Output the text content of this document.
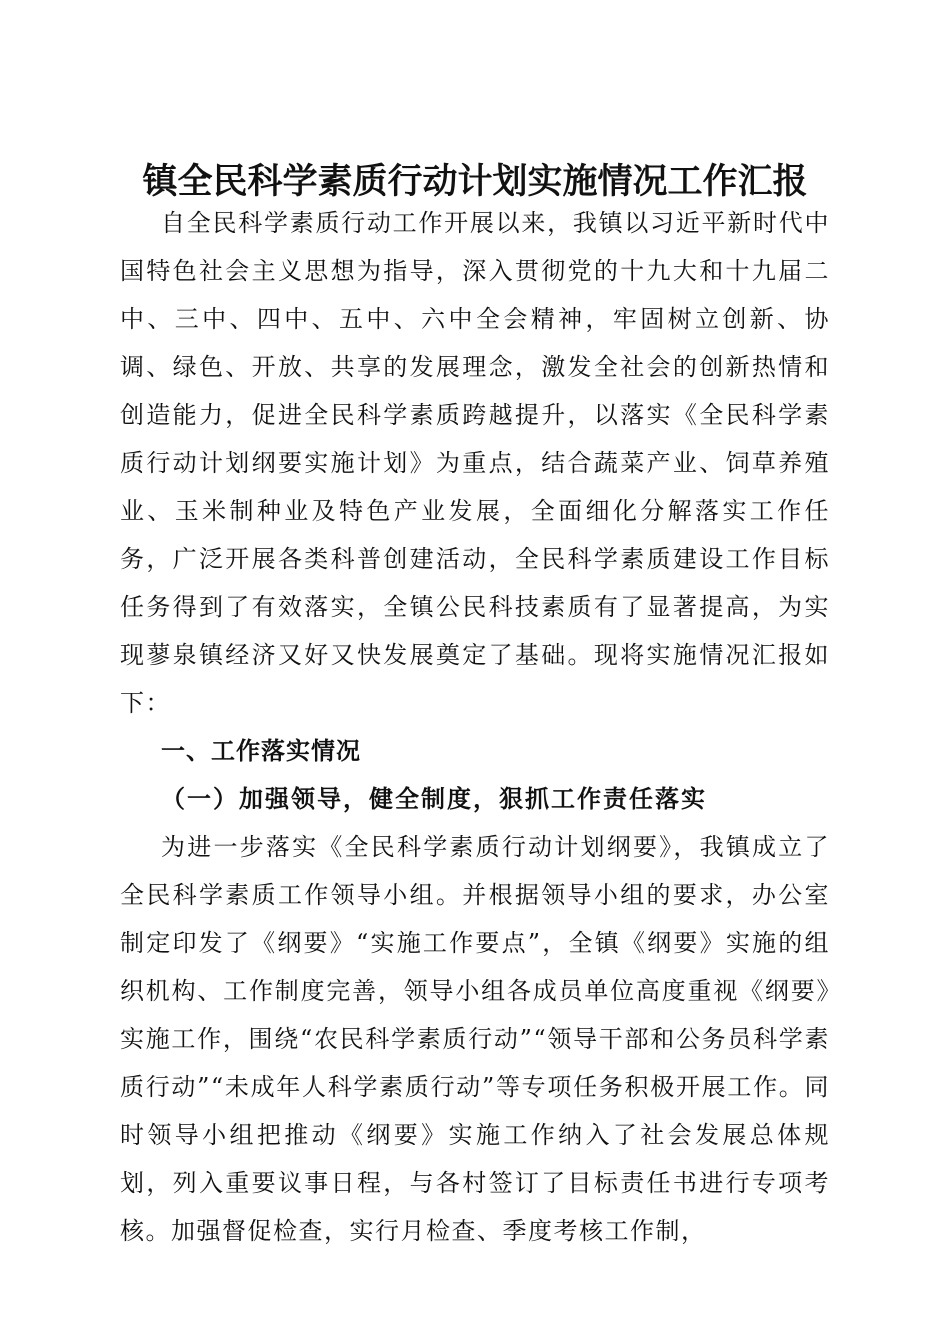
镇全民科学素质行动计划实施情况工作汇报

自全民科学素质行动工作开展以来，我镇以习近平新时代中国特色社会主义思想为指导，深入贯彻党的十九大和十九届二中、三中、四中、五中、六中全会精神，牢固树立创新、协调、绿色、开放、共享的发展理念，激发全社会的创新热情和创造能力，促进全民科学素质跨越提升，以落实《全民科学素质行动计划纲要实施计划》为重点，结合蔬菜产业、饲草养殖业、玉米制种业及特色产业发展，全面细化分解落实工作任务，广泛开展各类科普创建活动，全民科学素质建设工作目标任务得到了有效落实，全镇公民科技素质有了显著提高，为实现蓼泉镇经济又好又快发展奠定了基础。现将实施情况汇报如下：

一、工作落实情况

（一）加强领导，健全制度，狠抓工作责任落实

为进一步落实《全民科学素质行动计划纲要》，我镇成立了全民科学素质工作领导小组。并根据领导小组的要求，办公室制定印发了《纲要》“实施工作要点”，全镇《纲要》实施的组织机构、工作制度完善，领导小组各成员单位高度重视《纲要》实施工作，围绕“农民科学素质行动”“领导干部和公务员科学素质行动”“未成年人科学素质行动”等专项任务积极开展工作。同时领导小组把推动《纲要》实施工作纳入了社会发展总体规划，列入重要议事日程，与各村签订了目标责任书进行专项考核。加强督促检查，实行月检查、季度考核工作制，
